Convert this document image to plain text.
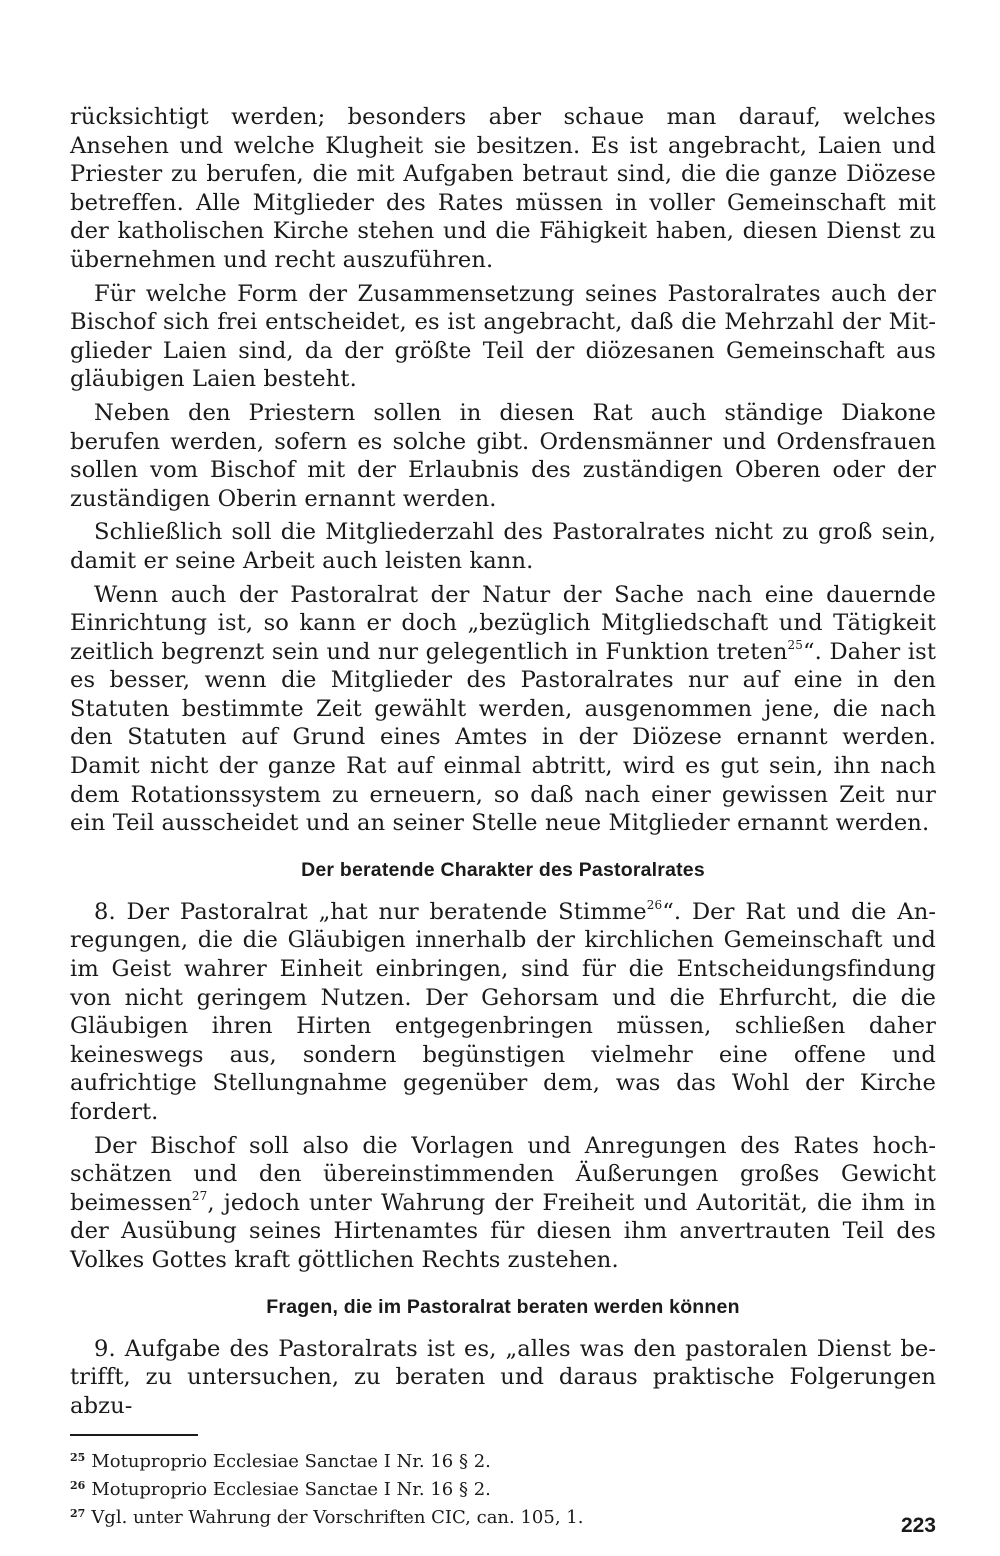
rücksichtigt werden; besonders aber schaue man darauf, welches Ansehen und welche Klugheit sie besitzen. Es ist angebracht, Laien und Priester zu berufen, die mit Aufgaben betraut sind, die die ganze Diözese betreffen. Alle Mitglieder des Rates müssen in voller Gemeinschaft mit der katholischen Kirche stehen und die Fähigkeit haben, diesen Dienst zu übernehmen und recht auszuführen.

Für welche Form der Zusammensetzung seines Pastoralrates auch der Bischof sich frei entscheidet, es ist angebracht, daß die Mehrzahl der Mitglieder Laien sind, da der größte Teil der diözesanen Gemeinschaft aus gläubigen Laien besteht.

Neben den Priestern sollen in diesen Rat auch ständige Diakone berufen werden, sofern es solche gibt. Ordensmänner und Ordensfrauen sollen vom Bischof mit der Erlaubnis des zuständigen Oberen oder der zuständigen Oberin ernannt werden.

Schließlich soll die Mitgliederzahl des Pastoralrates nicht zu groß sein, damit er seine Arbeit auch leisten kann.

Wenn auch der Pastoralrat der Natur der Sache nach eine dauernde Einrichtung ist, so kann er doch „bezüglich Mitgliedschaft und Tätigkeit zeitlich begrenzt sein und nur gelegentlich in Funktion treten$^{25}$“. Daher ist es besser, wenn die Mitglieder des Pastoralrates nur auf eine in den Statuten bestimmte Zeit gewählt werden, ausgenommen jene, die nach den Statuten auf Grund eines Amtes in der Diözese ernannt werden. Damit nicht der ganze Rat auf einmal abtritt, wird es gut sein, ihn nach dem Rotationssystem zu erneuern, so daß nach einer gewissen Zeit nur ein Teil ausscheidet und an seiner Stelle neue Mitglieder ernannt werden.

Der beratende Charakter des Pastoralrates

8. Der Pastoralrat „hat nur beratende Stimme$^{26}$“. Der Rat und die Anregungen, die die Gläubigen innerhalb der kirchlichen Gemeinschaft und im Geist wahrer Einheit einbringen, sind für die Entscheidungsfindung von nicht geringem Nutzen. Der Gehorsam und die Ehrfurcht, die die Gläubigen ihren Hirten entgegenbringen müssen, schließen daher keineswegs aus, sondern begünstigen vielmehr eine offene und aufrichtige Stellungnahme gegenüber dem, was das Wohl der Kirche fordert.

Der Bischof soll also die Vorlagen und Anregungen des Rates hochschätzen und den übereinstimmenden Äußerungen großes Gewicht beimessen$^{27}$, jedoch unter Wahrung der Freiheit und Autorität, die ihm in der Ausübung seines Hirtenamtes für diesen ihm anvertrauten Teil des Volkes Gottes kraft göttlichen Rechts zustehen.

Fragen, die im Pastoralrat beraten werden können

9. Aufgabe des Pastoralrats ist es, „alles was den pastoralen Dienst betrifft, zu untersuchen, zu beraten und daraus praktische Folgerungen abzu-

$^{25}$ Motuproprio Ecclesiae Sanctae I Nr. 16 § 2.

$^{26}$ Motuproprio Ecclesiae Sanctae I Nr. 16 § 2.

$^{27}$ Vgl. unter Wahrung der Vorschriften CIC, can. 105, 1.	223
